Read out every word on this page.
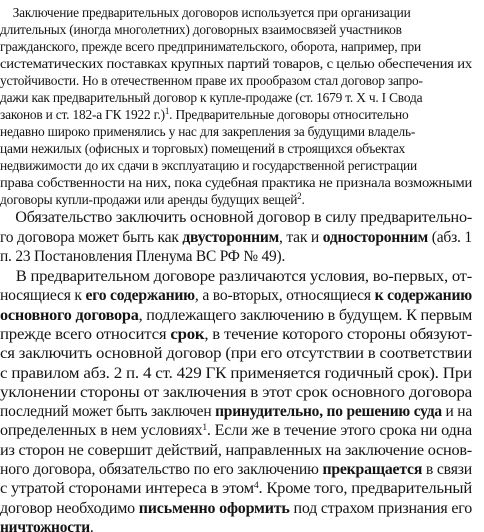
Заключение предварительных договоров используется при организации
длительных (иногда многолетних) договорных взаимосвязей участников
гражданского, прежде всего предпринимательского, оборота, например, при
систематических поставках крупных партий товаров, с целью обеспечения их
устойчивости. Но в отечественном праве их прообразом стал договор запро-
дажи как предварительный договор к купле-продаже (ст. 1679 т. X ч. I Свода
законов и ст. 182-а ГК 1922 г.)$^1$. Предварительные договоры относительно
недавно широко применялись у нас для закрепления за будущими владель-
цами нежилых (офисных и торговых) помещений в строящихся объектах
недвижимости до их сдачи в эксплуатацию и государственной регистрации
права собственности на них, пока судебная практика не признала возможными
договоры купли-продажи или аренды будущих вещей$^2$.
Обязательство заключить основной договор в силу предварительно-
го договора может быть как двусторонним, так и односторонним (абз. 1
п. 23 Постановления Пленума ВС РФ № 49).
В предварительном договоре различаются условия, во-первых, от-
носящиеся к его содержанию, а во-вторых, относящиеся к содержанию
основного договора, подлежащего заключению в будущем. К первым
прежде всего относится срок, в течение которого стороны обязуют-
ся заключить основной договор (при его отсутствии в соответствии
с правилом абз. 2 п. 4 ст. 429 ГК применяется годичный срок). При
уклонении стороны от заключения в этот срок основного договора
последний может быть заключен принудительно, по решению суда и на
определенных в нем условиях$^1$. Если же в течение этого срока ни одна
из сторон не совершит действий, направленных на заключение основ-
ного договора, обязательство по его заключению прекращается в связи
с утратой сторонами интереса в этом$^4$. Кроме того, предварительный
договор необходимо письменно оформить под страхом признания его
ничтожности.
